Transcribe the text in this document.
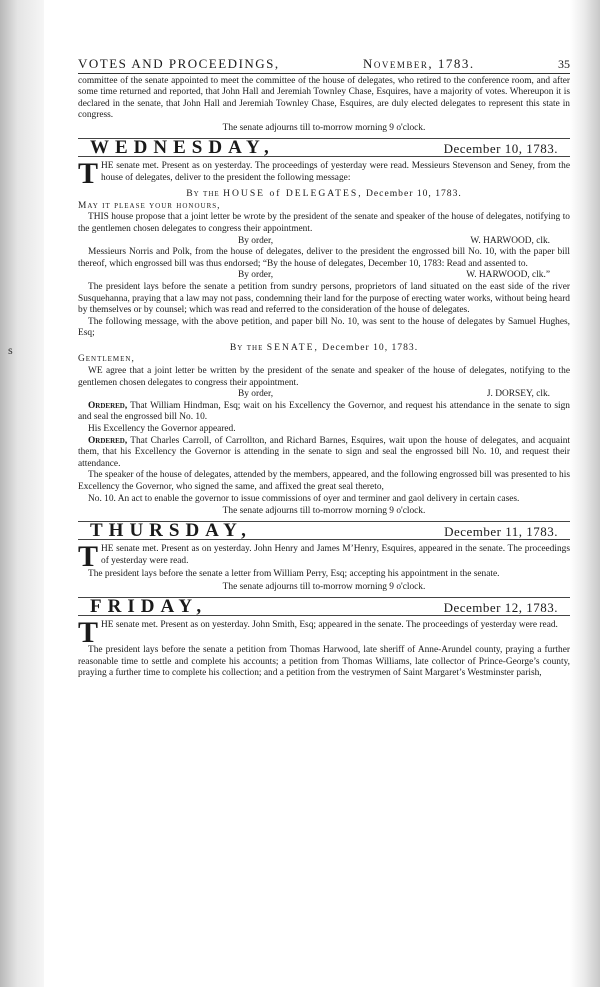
s
VOTES AND PROCEEDINGS,	November, 1783.	35

committee of the senate appointed to meet the committee of the house of delegates, who retired to the conference room, and after some time returned and reported, that John Hall and Jeremiah Townley Chase, Esquires, have a majority of votes. Whereupon it is declared in the senate, that John Hall and Jeremiah Townley Chase, Esquires, are duly elected delegates to represent this state in congress.

The senate adjourns till to-morrow morning 9 o'clock.

WEDNESDAY,	December 10, 1783.

T HE senate met. Present as on yesterday. The proceedings of yesterday were read. Messieurs Stevenson and Seney, from the house of delegates, deliver to the president the following message:

By the HOUSE of DELEGATES, December 10, 1783.

May it please your honours,

THIS house propose that a joint letter be wrote by the president of the senate and speaker of the house of delegates, notifying to the gentlemen chosen delegates to congress their appointment.

By order,	W. HARWOOD, clk.

Messieurs Norris and Polk, from the house of delegates, deliver to the president the engrossed bill No. 10, with the paper bill thereof, which engrossed bill was thus endorsed; “By the house of delegates, December 10, 1783: Read and assented to.

By order,	W. HARWOOD, clk.”

The president lays before the senate a petition from sundry persons, proprietors of land situated on the east side of the river Susquehanna, praying that a law may not pass, condemning their land for the purpose of erecting water works, without being heard by themselves or by counsel; which was read and referred to the consideration of the house of delegates.

The following message, with the above petition, and paper bill No. 10, was sent to the house of delegates by Samuel Hughes, Esq;

By the SENATE, December 10, 1783.

Gentlemen,

WE agree that a joint letter be written by the president of the senate and speaker of the house of delegates, notifying to the gentlemen chosen delegates to congress their appointment.

By order,	J. DORSEY, clk.

Ordered, That William Hindman, Esq; wait on his Excellency the Governor, and request his attendance in the senate to sign and seal the engrossed bill No. 10.

His Excellency the Governor appeared.

Ordered, That Charles Carroll, of Carrollton, and Richard Barnes, Esquires, wait upon the house of delegates, and acquaint them, that his Excellency the Governor is attending in the senate to sign and seal the engrossed bill No. 10, and request their attendance.

The speaker of the house of delegates, attended by the members, appeared, and the following engrossed bill was presented to his Excellency the Governor, who signed the same, and affixed the great seal thereto,

No. 10. An act to enable the governor to issue commissions of oyer and terminer and gaol delivery in certain cases.

The senate adjourns till to-morrow morning 9 o'clock.

THURSDAY,	December 11, 1783.

T HE senate met. Present as on yesterday. John Henry and James M’Henry, Esquires, appeared in the senate. The proceedings of yesterday were read.

The president lays before the senate a letter from William Perry, Esq; accepting his appointment in the senate.

The senate adjourns till to-morrow morning 9 o'clock.

FRIDAY,	December 12, 1783.

T HE senate met. Present as on yesterday. John Smith, Esq; appeared in the senate. The proceedings of yesterday were read.

The president lays before the senate a petition from Thomas Harwood, late sheriff of Anne-Arundel county, praying a further reasonable time to settle and complete his accounts; a petition from Thomas Williams, late collector of Prince-George’s county, praying a further time to complete his collection; and a petition from the vestrymen of Saint Margaret’s Westminster parish,
